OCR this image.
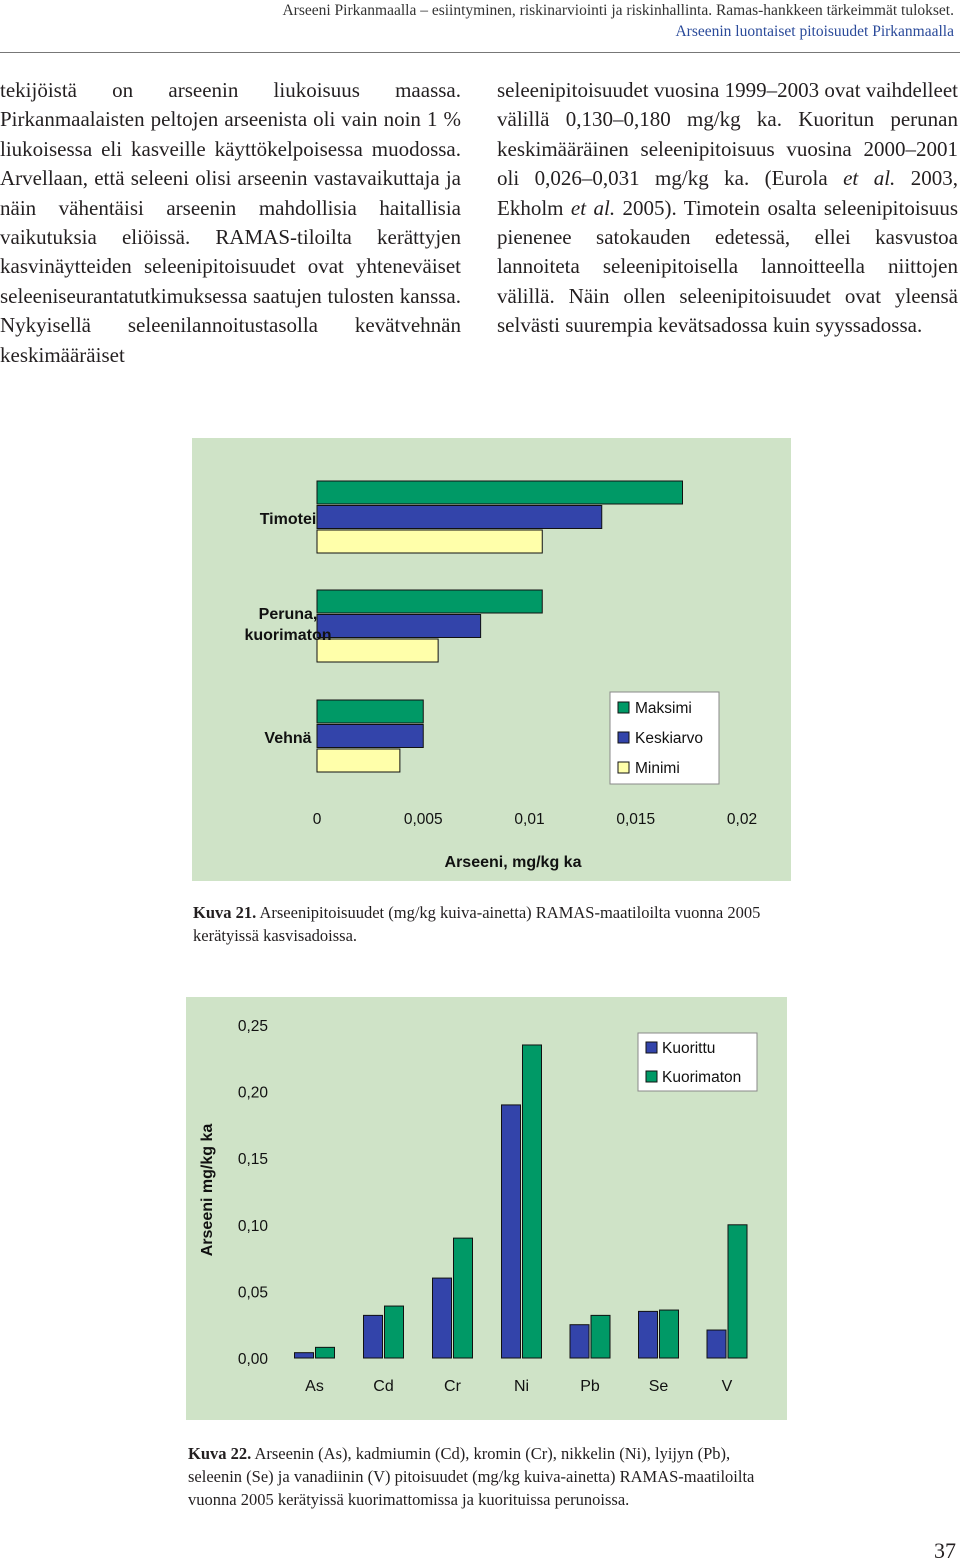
Arseeni Pirkanmaalla – esiintyminen, riskinarviointi ja riskinhallinta. Ramas-hankkeen tärkeimmät tulokset.
Arseenin luontaiset pitoisuudet Pirkanmaalla

tekijöistä on arseenin liukoisuus maassa. Pirkanmaalaisten peltojen arseenista oli vain noin 1 % liukoisessa eli kasveille käyttökelpoisessa muodossa. Arvellaan, että seleeni olisi arseenin vastavaikuttaja ja näin vähentäisi arseenin mahdollisia haitallisia vaikutuksia eliöissä. RAMAS-tiloilta kerättyjen kasvinäytteiden seleenipitoisuudet ovat yhteneväiset seleeniseurantatutkimuksessa saatujen tulosten kanssa. Nykyisellä seleenilannoitustasolla kevätvehnän keskimääräiset

seleenipitoisuudet vuosina 1999–2003 ovat vaihdelleet välillä 0,130–0,180 mg/kg ka. Kuoritun perunan keskimääräinen seleenipitoisuus vuosina 2000–2001 oli 0,026–0,031 mg/kg ka. (Eurola et al. 2003, Ekholm et al. 2005). Timotein osalta seleenipitoisuus pienenee satokauden edetessä, ellei kasvustoa lannoiteta seleenipitoisella lannoitteella niittojen välillä. Näin ollen seleenipitoisuudet ovat yleensä selvästi suurempia kevätsadossa kuin syyssadossa.

Timotei
Peruna,
kuorimaton
Vehnä
0	0,005	0,01	0,015	0,02
Arseeni, mg/kg ka
Maksimi
Keskiarvo
Minimi
Kuva 21. Arseenipitoisuudet (mg/kg kuiva-ainetta) RAMAS-maatiloilta vuonna 2005 kerätyissä kasvisadoissa.
As	Cd	Cr	Ni	Pb	Se	V
0,00
0,05
0,10
0,15
0,20
0,25
Arseeni mg/kg ka
Kuorittu
Kuorimaton
Kuva 22. Arseenin (As), kadmiumin (Cd), kromin (Cr), nikkelin (Ni), lyijyn (Pb), seleenin (Se) ja vanadiinin (V) pitoisuudet (mg/kg kuiva-ainetta) RAMAS-maatiloilta vuonna 2005 kerätyissä kuorimattomissa ja kuorituissa perunoissa.
37
